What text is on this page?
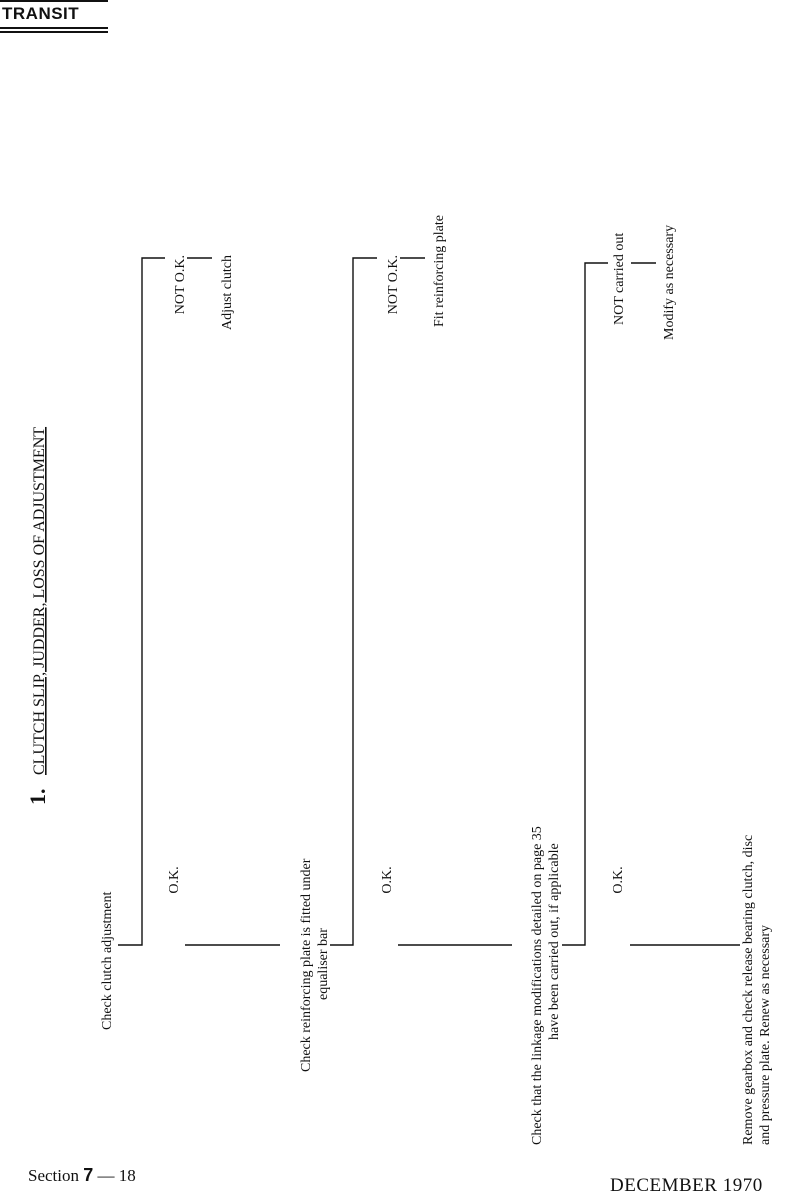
TRANSIT
1.
CLUTCH SLIP, JUDDER, LOSS OF ADJUSTMENT
Check clutch adjustment
O.K.
NOT O.K. Adjust clutch
Check reinforcing plate is fitted under equaliser bar
O.K.
NOT O.K. Fit reinforcing plate
Check that the linkage modifications detailed on page 35 have been carried out, if applicable	O.K.
NOT carried out	Modify as necessary
Remove gearbox and check release bearing clutch, disc and pressure plate. Renew as necessary
Section 7 — 18	DECEMBER 1970
